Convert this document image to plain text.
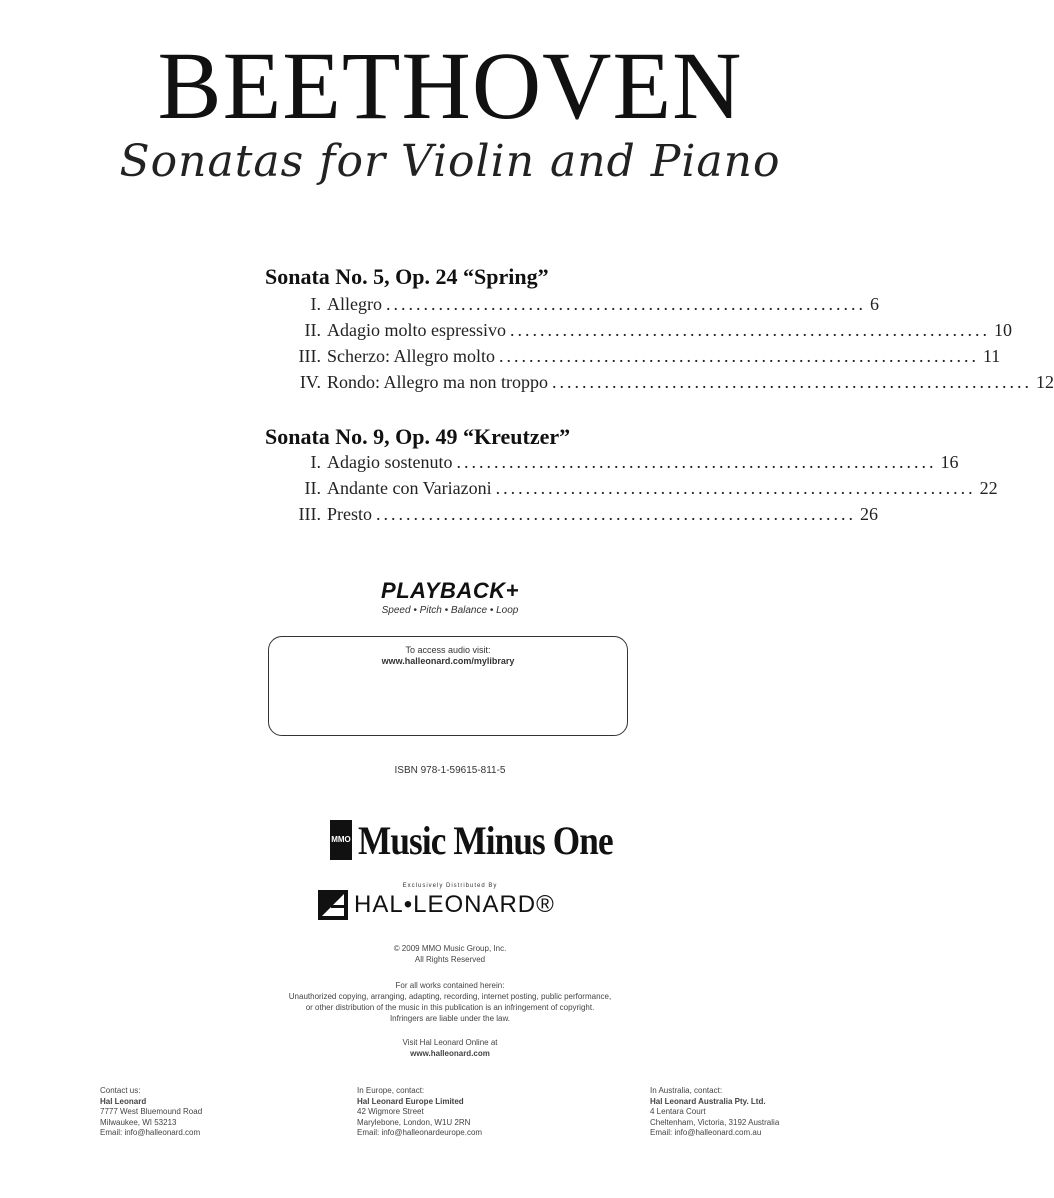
BEETHOVEN
Sonatas for Violin and Piano
Sonata No. 5, Op. 24 “Spring”
I. Allegro ................................................................ 6
II. Adagio molto espressivo ................................................................ 10
III. Scherzo: Allegro molto ................................................................ 11
IV. Rondo: Allegro ma non troppo ................................................................ 12
Sonata No. 9, Op. 49 “Kreutzer”
I. Adagio sostenuto ................................................................ 16
II. Andante con Variazoni ................................................................ 22
III. Presto ................................................................ 26
PLAYBACK+
Speed • Pitch • Balance • Loop
To access audio visit:
www.halleonard.com/mylibrary
ISBN 978-1-59615-811-5
MMO Music Minus One
Exclusively Distributed By
HAL•LEONARD®
© 2009 MMO Music Group, Inc.
All Rights Reserved
For all works contained herein:
Unauthorized copying, arranging, adapting, recording, internet posting, public performance,
or other distribution of the music in this publication is an infringement of copyright.
Infringers are liable under the law.
Visit Hal Leonard Online at
www.halleonard.com
Contact us:
Hal Leonard
7777 West Bluemound Road
Milwaukee, WI 53213
Email: info@halleonard.com
In Europe, contact:
Hal Leonard Europe Limited
42 Wigmore Street
Marylebone, London, W1U 2RN
Email: info@halleonardeurope.com
In Australia, contact:
Hal Leonard Australia Pty. Ltd.
4 Lentara Court
Cheltenham, Victoria, 3192 Australia
Email: info@halleonard.com.au
